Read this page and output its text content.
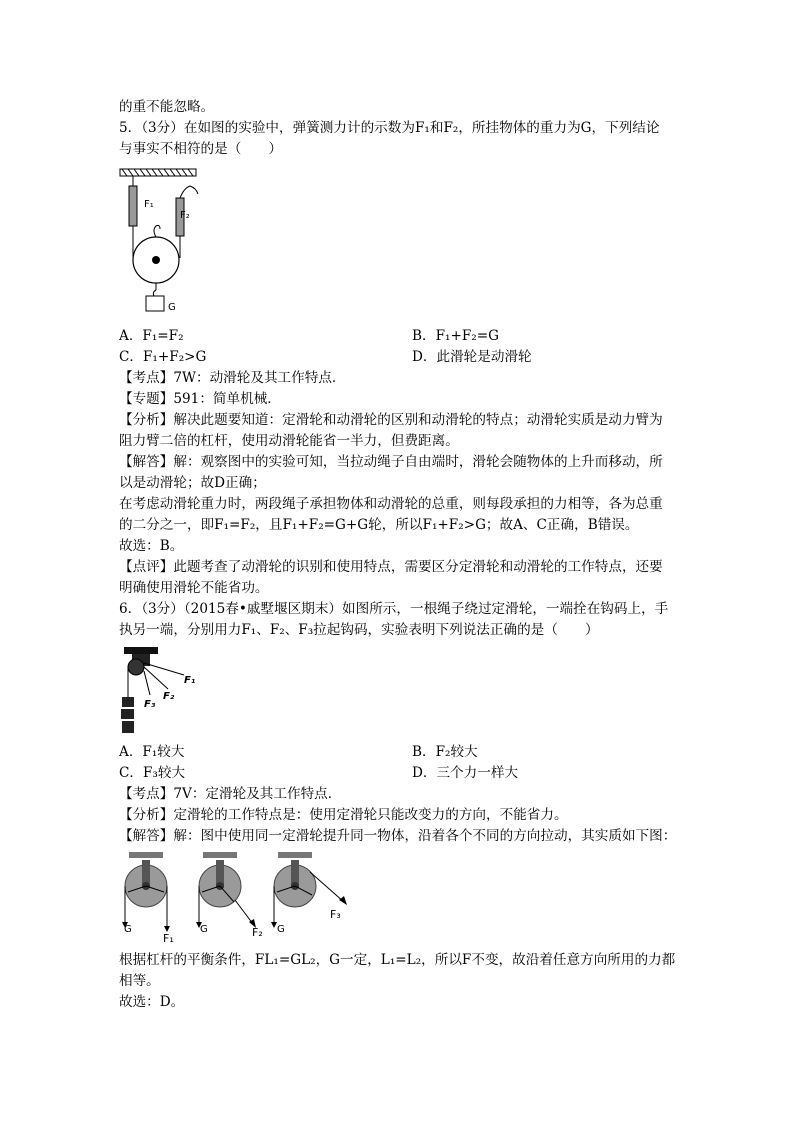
的重不能忽略。
5．（3分）在如图的实验中，弹簧测力计的示数为F₁和F₂，所挂物体的重力为G，下列结论
与事实不相符的是（　　）
F₁
F₂
G
A．F₁=F₂	B．F₁+F₂=G
C．F₁+F₂>G	D．此滑轮是动滑轮
【考点】7W：动滑轮及其工作特点．
【专题】591：简单机械．
【分析】解决此题要知道：定滑轮和动滑轮的区别和动滑轮的特点；动滑轮实质是动力臂为
阻力臂二倍的杠杆，使用动滑轮能省一半力，但费距离。
【解答】解：观察图中的实验可知，当拉动绳子自由端时，滑轮会随物体的上升而移动，所
以是动滑轮；故D正确；
在考虑动滑轮重力时，两段绳子承担物体和动滑轮的总重，则每段承担的力相等，各为总重
的二分之一，即F₁=F₂，且F₁+F₂=G+G轮，所以F₁+F₂>G；故A、C正确，B错误。
故选：B。
【点评】此题考查了动滑轮的识别和使用特点，需要区分定滑轮和动滑轮的工作特点，还要
明确使用滑轮不能省功。
6．（3分）（2015春•戚墅堰区期末）如图所示，一根绳子绕过定滑轮，一端拴在钩码上，手
执另一端，分别用力F₁、F₂、F₃拉起钩码，实验表明下列说法正确的是（　　）
F₁
F₂
F₃
A．F₁较大	B．F₂较大
C．F₃较大	D．三个力一样大
【考点】7V：定滑轮及其工作特点．
【分析】定滑轮的工作特点是：使用定滑轮只能改变力的方向，不能省力。
【解答】解：图中使用同一定滑轮提升同一物体，沿着各个不同的方向拉动，其实质如下图：
G
F₁
G	F₂ G
F₃
根据杠杆的平衡条件，FL₁=GL₂，G一定，L₁=L₂，所以F不变，故沿着任意方向所用的力都
相等。
故选：D。
